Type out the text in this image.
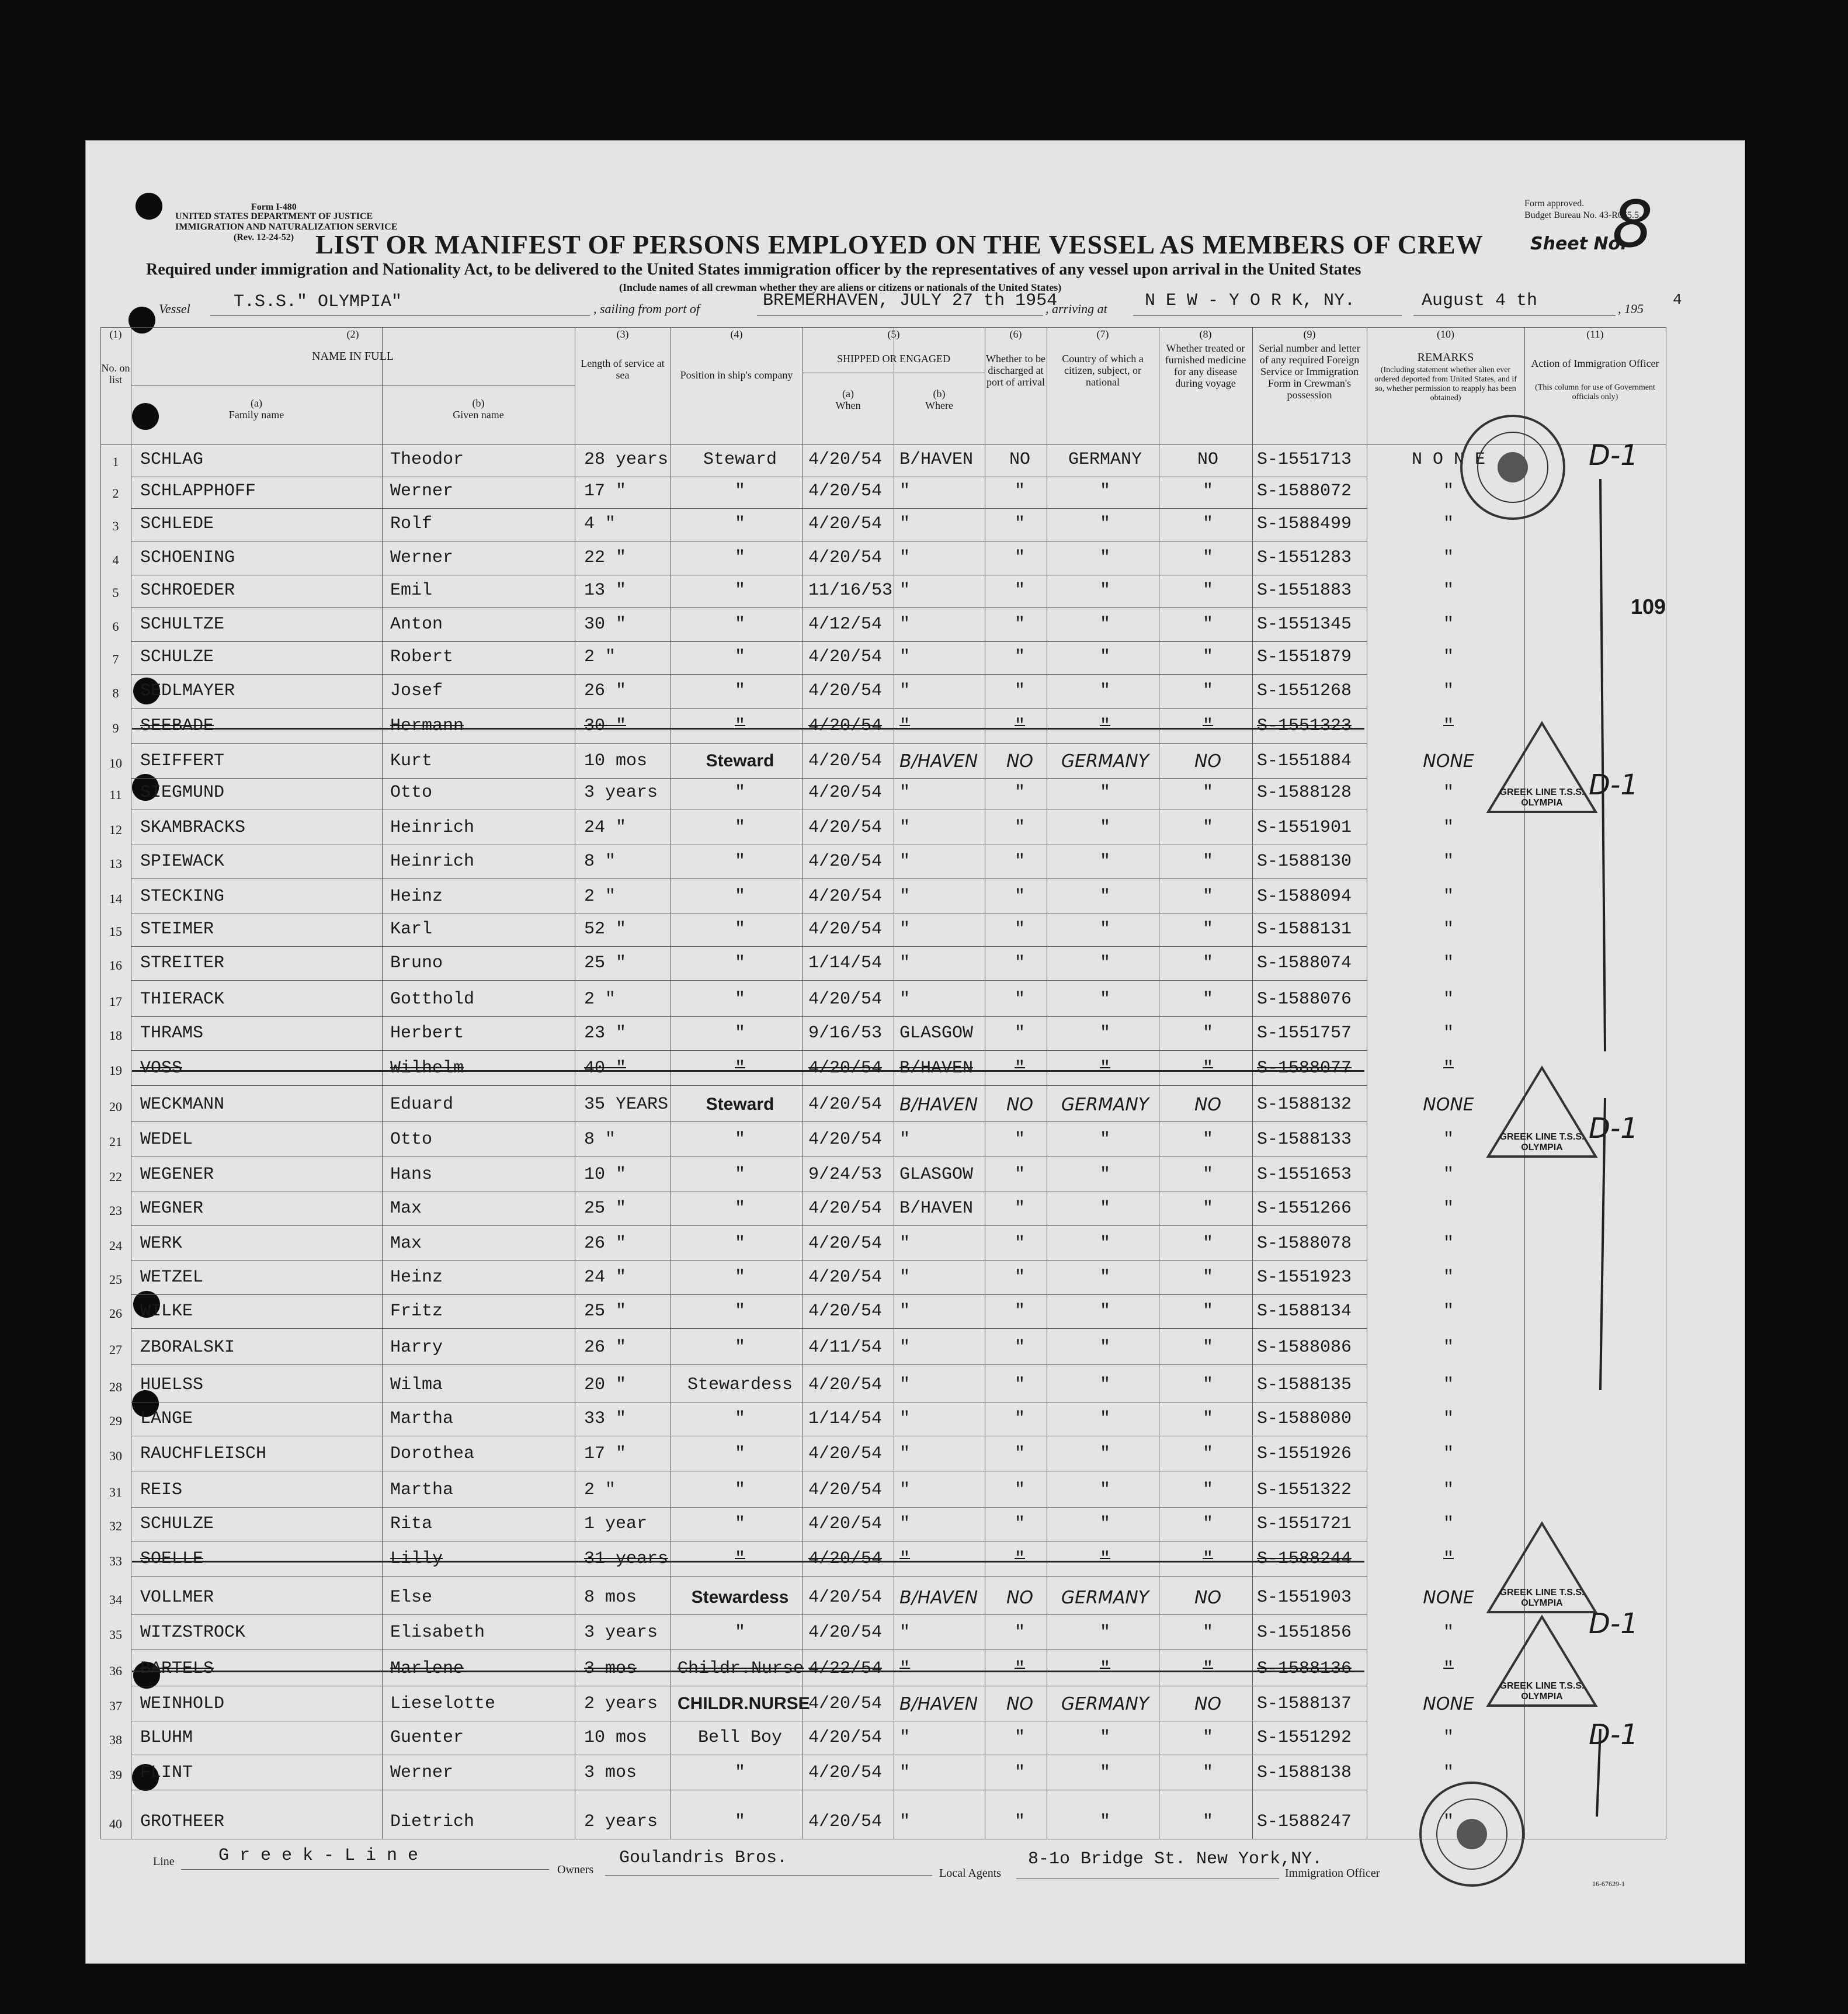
Form I-480
UNITED STATES DEPARTMENT OF JUSTICE
IMMIGRATION AND NATURALIZATION SERVICE
(Rev. 12-24-52)
Form approved.
Budget Bureau No. 43-R065.5.
LIST OR MANIFEST OF PERSONS EMPLOYED ON THE VESSEL AS MEMBERS OF CREW	Sheet No.
8
Required under immigration and Nationality Act, to be delivered to the United States immigration officer by the representatives of any vessel upon arrival in the United States
(Include names of all crewman whether they are aliens or citizens or nationals of the United States)
Vessel T.S.S." OLYMPIA"	, sailing from port of	BREMERHAVEN, JULY 27 th 1954
, arriving at N E W - Y O R K, NY.	August 4 th	, 195
4
(1)
No. on list
(2)
NAME IN FULL
(a)
Family name
(b)
Given name
(3)
Length of service at sea
(4)
Position in ship's company
(5)
SHIPPED OR ENGAGED
(a)
When
(b)
Where
(6)
Whether to be discharged at port of arrival
(7)
Country of which a citizen, subject, or national
(8)
Whether treated or furnished medicine for any disease during voyage
(9)
Serial number and letter of any required Foreign Service or Immigration Form in Crewman's possession
(10)
REMARKS
(Including statement whether alien ever ordered deported from United States, and if so, whether permission to reapply has been obtained)
(11)
Action of Immigration Officer
(This column for use of Government officials only)
1	SCHLAG	Theodor	28 years	Steward	4/20/54 B/HAVEN	NO	GERMANY	NO	S-1551713	N O N E
2	SCHLAPPHOFF	Werner	17 "	"	4/20/54 "	"	"	"	S-1588072	"
3	SCHLEDE	Rolf	4 "	"	4/20/54 "	"	"	"	S-1588499	"
4	SCHOENING	Werner	22 "	"	4/20/54 "	"	"	"	S-1551283	"
5	SCHROEDER	Emil	13 "	"	11/16/53 "	"	"	"	S-1551883	"
6	SCHULTZE	Anton	30 "	"	4/12/54 "	"	"	"	S-1551345	"
7	SCHULZE	Robert	2 "	"	4/20/54 "	"	"	"	S-1551879	"
8	SEDLMAYER	Josef	26 "	"	4/20/54 "	"	"	"	S-1551268	"
9	SEEBADE	Hermann	30 "	"	4/20/54 "	"	"	"	S-1551323	"
10	SEIFFERT	Kurt	10 mos	Steward	4/20/54 B/HAVEN	NO	GERMANY	NO	S-1551884	NONE
11	SIEGMUND	Otto	3 years	"	4/20/54 "	"	"	"	S-1588128	"
12	SKAMBRACKS	Heinrich	24 "	"	4/20/54 "	"	"	"	S-1551901	"
13	SPIEWACK	Heinrich	8 "	"	4/20/54 "	"	"	"	S-1588130	"
14	STECKING	Heinz	2 "	"	4/20/54 "	"	"	"	S-1588094	"
15	STEIMER	Karl	52 "	"	4/20/54 "	"	"	"	S-1588131	"
16	STREITER	Bruno	25 "	"	1/14/54 "	"	"	"	S-1588074	"
17	THIERACK	Gotthold	2 "	"	4/20/54 "	"	"	"	S-1588076	"
18	THRAMS	Herbert	23 "	"	9/16/53 GLASGOW	"	"	"	S-1551757	"
19	VOSS	Wilhelm	40 "	"	4/20/54 B/HAVEN	"	"	"	S-1588077	"
20	WECKMANN	Eduard	35 YEARS	Steward	4/20/54 B/HAVEN	NO	GERMANY	NO	S-1588132	NONE
21	WEDEL	Otto	8 "	"	4/20/54 "	"	"	"	S-1588133	"
22	WEGENER	Hans	10 "	"	9/24/53 GLASGOW	"	"	"	S-1551653	"
23	WEGNER	Max	25 "	"	4/20/54 B/HAVEN	"	"	"	S-1551266	"
24	WERK	Max	26 "	"	4/20/54 "	"	"	"	S-1588078	"
25	WETZEL	Heinz	24 "	"	4/20/54 "	"	"	"	S-1551923	"
26	WILKE	Fritz	25 "	"	4/20/54 "	"	"	"	S-1588134	"
27	ZBORALSKI	Harry	26 "	"	4/11/54 "	"	"	"	S-1588086	"
28	HUELSS	Wilma	20 "	Stewardess 4/20/54 "	"	"	"	S-1588135	"
29	LANGE	Martha	33 "	"	1/14/54 "	"	"	"	S-1588080	"
30	RAUCHFLEISCH	Dorothea	17 "	"	4/20/54 "	"	"	"	S-1551926	"
31	REIS	Martha	2 "	"	4/20/54 "	"	"	"	S-1551322	"
32	SCHULZE	Rita	1 year	"	4/20/54 "	"	"	"	S-1551721	"
33	SOELLE	Lilly	31 years	"	4/20/54 "	"	"	"	S-1588244	"
34	VOLLMER	Else	8 mos	Stewardess	4/20/54 B/HAVEN	NO	GERMANY	NO	S-1551903	NONE
35	WITZSTROCK	Elisabeth	3 years	"	4/20/54 "	"	"	"	S-1551856	"
36	BARTELS	Marlene	3 mos Childr.Nurse 4/22/54 "	"	"	"	S-1588136	"
37	WEINHOLD	Lieselotte	2 years CHILDR.NURSE
4/20/54 B/HAVEN	NO	GERMANY	NO	S-1588137	NONE
38	BLUHM	Guenter	10 mos	Bell Boy	4/20/54 "	"	"	"	S-1551292	"
39	FLINT	Werner	3 mos	"	4/20/54 "	"	"	"	S-1588138	"
40	GROTHEER	Dietrich	2 years	"	4/20/54 "	"	"	"	S-1588247	"
109
GREEK LINE T.S.S. OLYMPIA
GREEK LINE T.S.S. OLYMPIA
GREEK LINE T.S.S. OLYMPIA
GREEK LINE T.S.S. OLYMPIA
D-1
D-1
D-1
D-1
D-1
Line	G r e e k - L i n e
Owners
Goulandris Bros.
Local Agents
8-1o Bridge St. New York,NY.
Immigration Officer
16-67629-1
